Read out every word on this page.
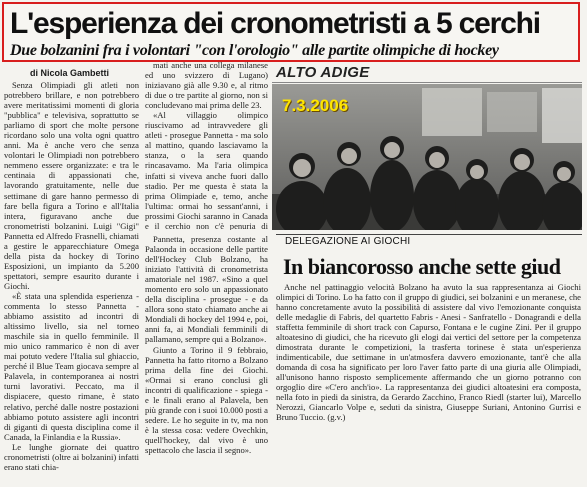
L'esperienza dei cronometristi a 5 cerchi
Due bolzanini fra i volontari "con l'orologio" alle partite olimpiche di hockey
di Nicola Gambetti

Senza Olimpiadi gli atleti non potrebbero brillare, e non potrebbero avere meritatissimi momenti di gloria "pubblica" e televisiva, soprattutto se parliamo di sport che molte persone ricordano solo una volta ogni quattro anni. Ma è anche vero che senza volontari le Olimpiadi non potrebbero nemmeno essere organizzate: e tra le centinaia di appassionati che, lavorando gratuitamente, nelle due settimane di gare hanno permesso di fare bella figura a Torino e all'Italia intera, figuravano anche due cronometristi bolzanini. Luigi "Gigi" Pannetta ed Alfredo Frasnelli, chiamati a gestire le apparecchiature Omega della pista da hockey di Torino Esposizioni, un impianto da 5.200 spettatori, sempre esaurito durante i Giochi.

«È stata una splendida esperienza - commenta lo stesso Pannetta - abbiamo assistito ad incontri di altissimo livello, sia nel torneo maschile sia in quello femminile. Il mio unico rammarico è non di aver mai potuto vedere l'Italia sul ghiaccio, perché il Blue Team giocava sempre al Palavela, in contemporanea ai nostri turni lavorativi. Peccato, ma il dispiacere, questo rimane, è stato relativo, perché dalle nostre postazioni abbiamo potuto assistere agli incontri di giganti di questa disciplina come il Canada, la Finlandia e la Russia».

Le lunghe giornate dei quattro cronometristi (oltre ai bolzanini) infatti erano stati chia-

mati anche una collega milanese ed uno svizzero di Lugano) iniziavano già alle 9.30 e, al ritmo di due o tre partite al giorno, non si concludevano mai prima delle 23.

«Al villaggio olimpico riuscivamo ad intravvedere gli atleti - prosegue Pannetta - ma solo al mattino, quando lasciavamo la stanza, o la sera quando rincasavamo. Ma l'aria olimpica infatti si viveva anche fuori dallo stadio. Per me questa è stata la prima Olimpiade e, temo, anche l'ultima: ormai ho sessant'anni, i prossimi Giochi saranno in Canada e il cerchio non c'è penuria di

Pannetta, presenza costante al Palaonda in occasione delle partite dell'Hockey Club Bolzano, ha iniziato l'attività di cronometrista amatoriale nel 1987. «Sino a quel momento ero solo un appassionato della disciplina - prosegue - e da allora sono stato chiamato anche ai Mondiali di hockey del 1994 e, poi, anni fa, ai Mondiali femminili di pallamano, sempre qui a Bolzano».

Giunto a Torino il 9 febbraio, Pannetta ha fatto ritorno a Bolzano prima della fine dei Giochi. «Ormai si erano conclusi gli incontri di qualificazione - spiega - e le finali erano al Palavela, ben più grande con i suoi 10.000 posti a sedere. Le ho seguite in tv, ma non è la stessa cosa: vedere Ovechkin, quell'hockey, dal vivo è uno spettacolo che lascia il segno».

ALTO ADIGE
7.3.2006
DELEGAZIONE AI GIOCHI
In biancorosso anche sette giud

Anche nel pattinaggio velocità Bolzano ha avuto la sua rappresentanza ai Giochi olimpici di Torino. Lo ha fatto con il gruppo di giudici, sei bolzanini e un meranese, che hanno concretamente avuto la possibilità di assistere dal vivo l'emozionante conquista delle medaglie di Fabris, del quartetto Fabris - Anesi - Sanfratello - Donagrandi e della staffetta femminile di short track con Capurso, Fontana e le cugine Zini. Per il gruppo altoatesino di giudici, che ha ricevuto gli elogi dai vertici del settore per la competenza dimostrata durante le competizioni, la trasferta torinese è stata un'esperienza indimenticabile, due settimane in un'atmosfera davvero emozionante, tant'è che alla domanda di cosa ha significato per loro l'aver fatto parte di una giuria alle Olimpiadi, all'unisono hanno risposto semplicemente affermando che un giorno potranno con orgoglio dire «C'ero anch'io». La rappresentanza dei giudici altoatesini era composta, nella foto in piedi da sinistra, da Gerardo Zacchino, Franco Riedl (starter lui), Marcello Nerozzi, Giancarlo Volpe e, seduti da sinistra, Giuseppe Suriani, Antonino Gurrisi e Bruno Tuccio. (g.v.)
